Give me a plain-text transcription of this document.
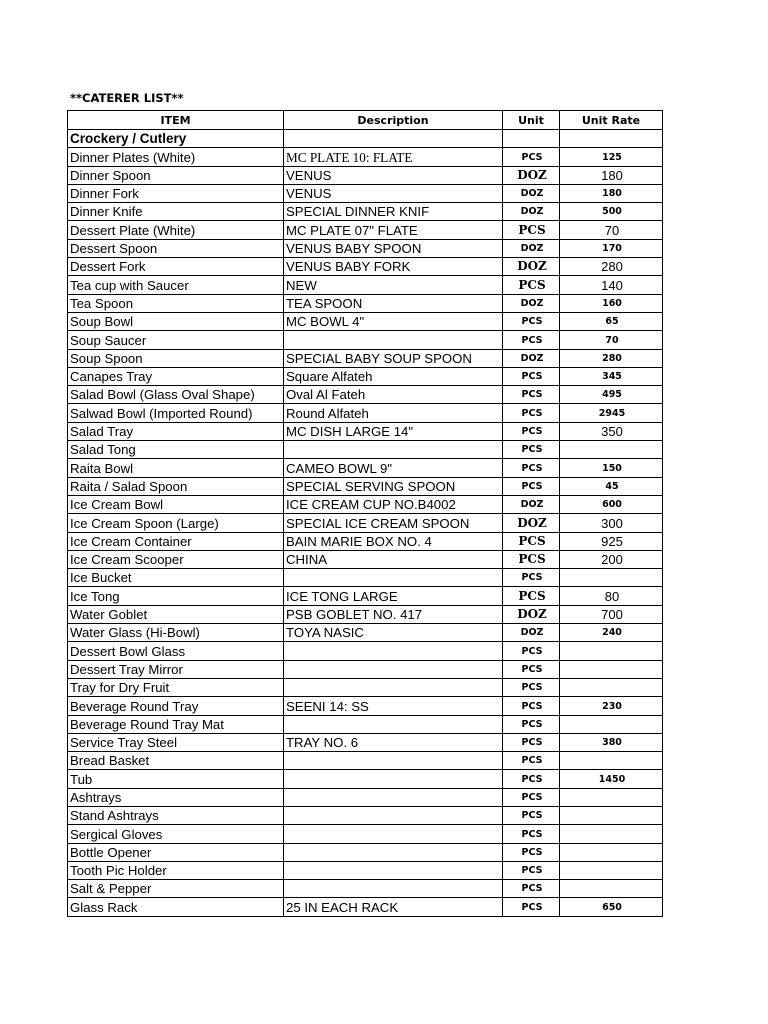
**CATERER LIST**
ITEM	Description	Unit	Unit Rate
Crockery / Cutlery			
Dinner Plates (White)	MC PLATE 10: FLATE	PCS	125
Dinner Spoon	VENUS	DOZ	180
Dinner Fork	VENUS	DOZ	180
Dinner Knife	SPECIAL DINNER KNIF	DOZ	500
Dessert Plate (White)	MC PLATE 07" FLATE	PCS	70
Dessert Spoon	VENUS BABY SPOON	DOZ	170
Dessert Fork	VENUS BABY FORK	DOZ	280
Tea cup with Saucer	NEW	PCS	140
Tea Spoon	TEA SPOON	DOZ	160
Soup Bowl	MC BOWL 4"	PCS	65
Soup Saucer		PCS	70
Soup Spoon	SPECIAL BABY SOUP SPOON	DOZ	280
Canapes Tray	Square Alfateh	PCS	345
Salad Bowl (Glass Oval Shape)	Oval Al Fateh	PCS	495
Salwad Bowl (Imported Round)	Round Alfateh	PCS	2945
Salad Tray	MC DISH LARGE 14"	PCS	350
Salad Tong		PCS	
Raita Bowl	CAMEO BOWL 9"	PCS	150
Raita / Salad Spoon	SPECIAL SERVING SPOON	PCS	45
Ice Cream Bowl	ICE CREAM CUP NO.B4002	DOZ	600
Ice Cream Spoon (Large)	SPECIAL ICE CREAM SPOON	DOZ	300
Ice Cream Container	BAIN MARIE BOX NO. 4	PCS	925
Ice Cream Scooper	CHINA	PCS	200
Ice Bucket		PCS	
Ice Tong	ICE TONG LARGE	PCS	80
Water Goblet	PSB GOBLET NO. 417	DOZ	700
Water Glass (Hi-Bowl)	TOYA NASIC	DOZ	240
Dessert Bowl Glass		PCS	
Dessert Tray Mirror		PCS	
Tray for Dry Fruit		PCS	
Beverage Round Tray	SEENI 14: SS	PCS	230
Beverage Round Tray Mat		PCS	
Service Tray Steel	TRAY NO. 6	PCS	380
Bread Basket		PCS	
Tub		PCS	1450
Ashtrays		PCS	
Stand Ashtrays		PCS	
Sergical Gloves		PCS	
Bottle Opener		PCS	
Tooth Pic Holder		PCS	
Salt & Pepper		PCS	
Glass Rack	25 IN EACH RACK	PCS	650
